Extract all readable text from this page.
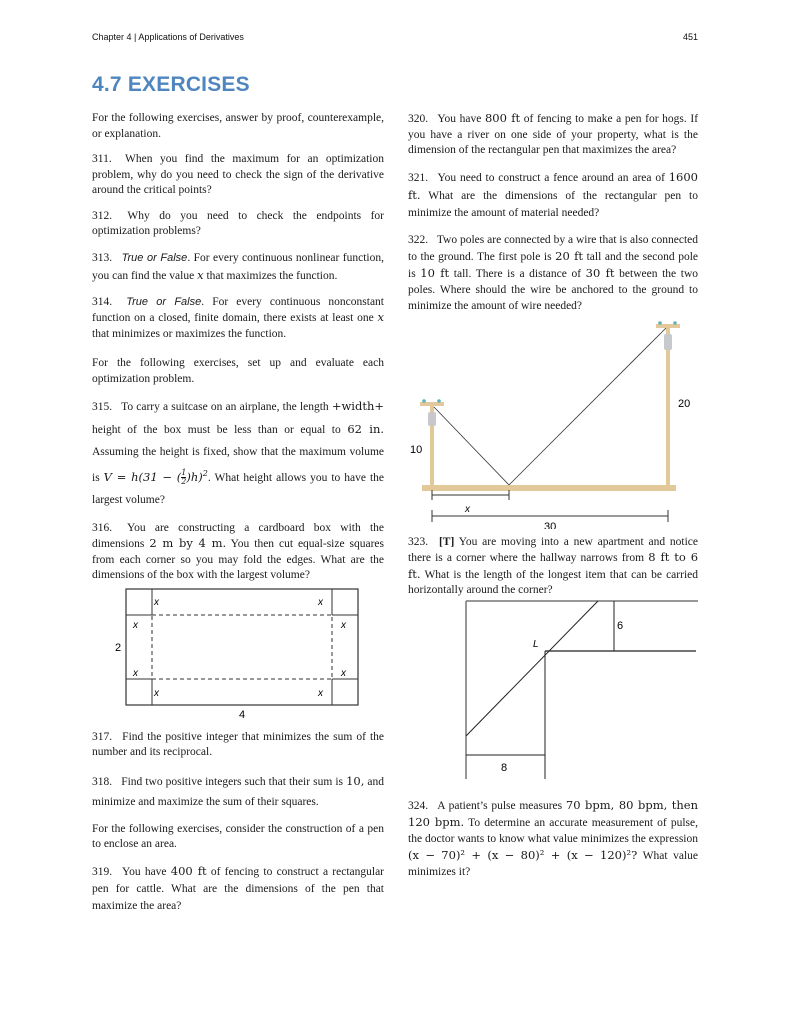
Chapter 4 | Applications of Derivatives	451
4.7 EXERCISES

For the following exercises, answer by proof, counterexample, or explanation.

311. When you find the maximum for an optimization problem, why do you need to check the sign of the derivative around the critical points?

312. Why do you need to check the endpoints for optimization problems?

313. True or False. For every continuous nonlinear function, you can find the value x that maximizes the function.

314. True or False. For every continuous nonconstant function on a closed, finite domain, there exists at least one x that minimizes or maximizes the function.

For the following exercises, set up and evaluate each optimization problem.

315. To carry a suitcase on an airplane, the length +width+ height of the box must be less than or equal to 62 in. Assuming the height is fixed, show that the maximum volume is V = h(31 − ( $\frac{1}{2} )h)^2$. What height allows you to have the largest volume?

316. You are constructing a cardboard box with the dimensions 2 m by 4 m. You then cut equal-size squares from each corner so you may fold the edges. What are the dimensions of the box with the largest volume?

x	x
x	x
x	x
x	x
2
4

317. Find the positive integer that minimizes the sum of the number and its reciprocal.

318. Find two positive integers such that their sum is 10, and minimize and maximize the sum of their squares.

For the following exercises, consider the construction of a pen to enclose an area.

319. You have 400 ft of fencing to construct a rectangular pen for cattle. What are the dimensions of the pen that maximize the area?

320. You have 800 ft of fencing to make a pen for hogs. If you have a river on one side of your property, what is the dimension of the rectangular pen that maximizes the area?

321. You need to construct a fence around an area of 1600 ft. What are the dimensions of the rectangular pen to minimize the amount of material needed?

322. Two poles are connected by a wire that is also connected to the ground. The first pole is 20 ft tall and the second pole is 10 ft tall. There is a distance of 30 ft between the two poles. Where should the wire be anchored to the ground to minimize the amount of wire needed?

x
30
10
20

323. [T] You are moving into a new apartment and notice there is a corner where the hallway narrows from 8 ft to 6 ft. What is the length of the longest item that can be carried horizontally around the corner?

6
8
L

324. A patient’s pulse measures 70 bpm, 80 bpm, then 120 bpm. To determine an accurate measurement of pulse, the doctor wants to know what value minimizes the expression (x − 70)² + (x − 80)² + (x − 120)²? What value minimizes it?
